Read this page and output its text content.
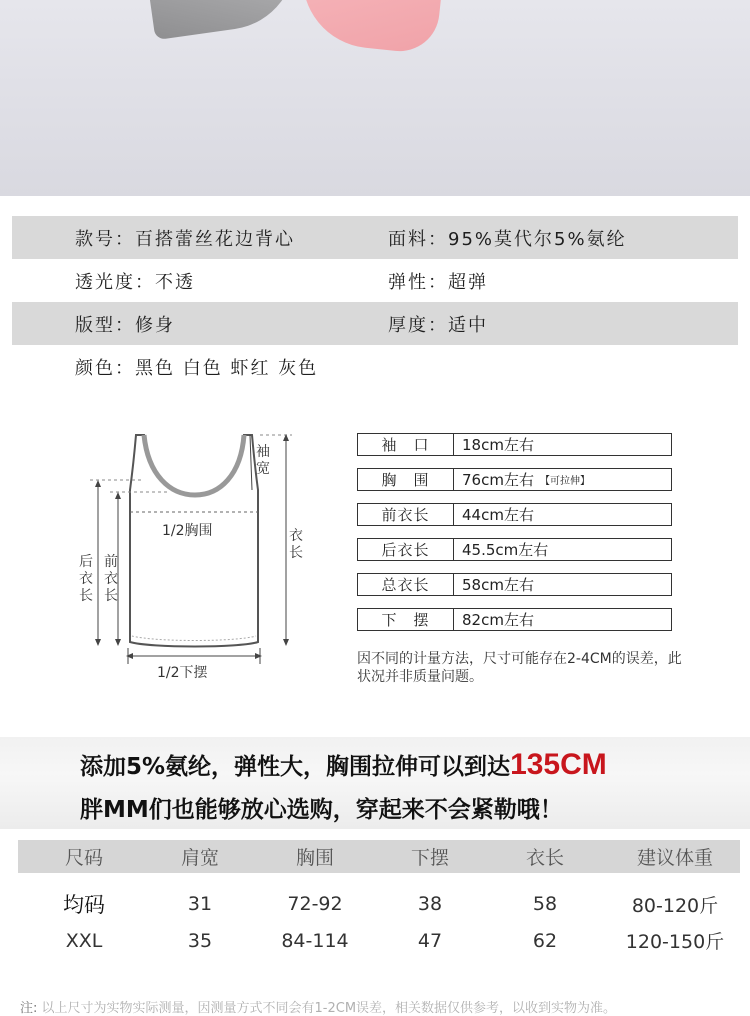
款号：百搭蕾丝花边背心	面料：95%莫代尔5%氨纶
透光度：不透	弹性：超弹
版型：修身	厚度：适中
颜色：黑色 白色 虾红 灰色
袖宽
1/2胸围
后衣长
前衣长
衣长
1/2下摆
袖　口	18cm左右
胸　围	76cm左右 【可拉伸】
前衣长	44cm左右
后衣长	45.5cm左右
总衣长	58cm左右
下　摆	82cm左右
因不同的计量方法，尺寸可能存在2-4CM的误差，此状况并非质量问题。
添加5%氨纶，弹性大，胸围拉伸可以到达135CM
胖MM们也能够放心选购，穿起来不会紧勒哦！
尺码	肩宽	胸围	下摆	衣长	建议体重
均码	31	72-92	38	58	80-120斤
XXL	35	84-114	47	62	120-150斤
注: 以上尺寸为实物实际测量，因测量方式不同会有1-2CM误差，相关数据仅供参考，以收到实物为准。
